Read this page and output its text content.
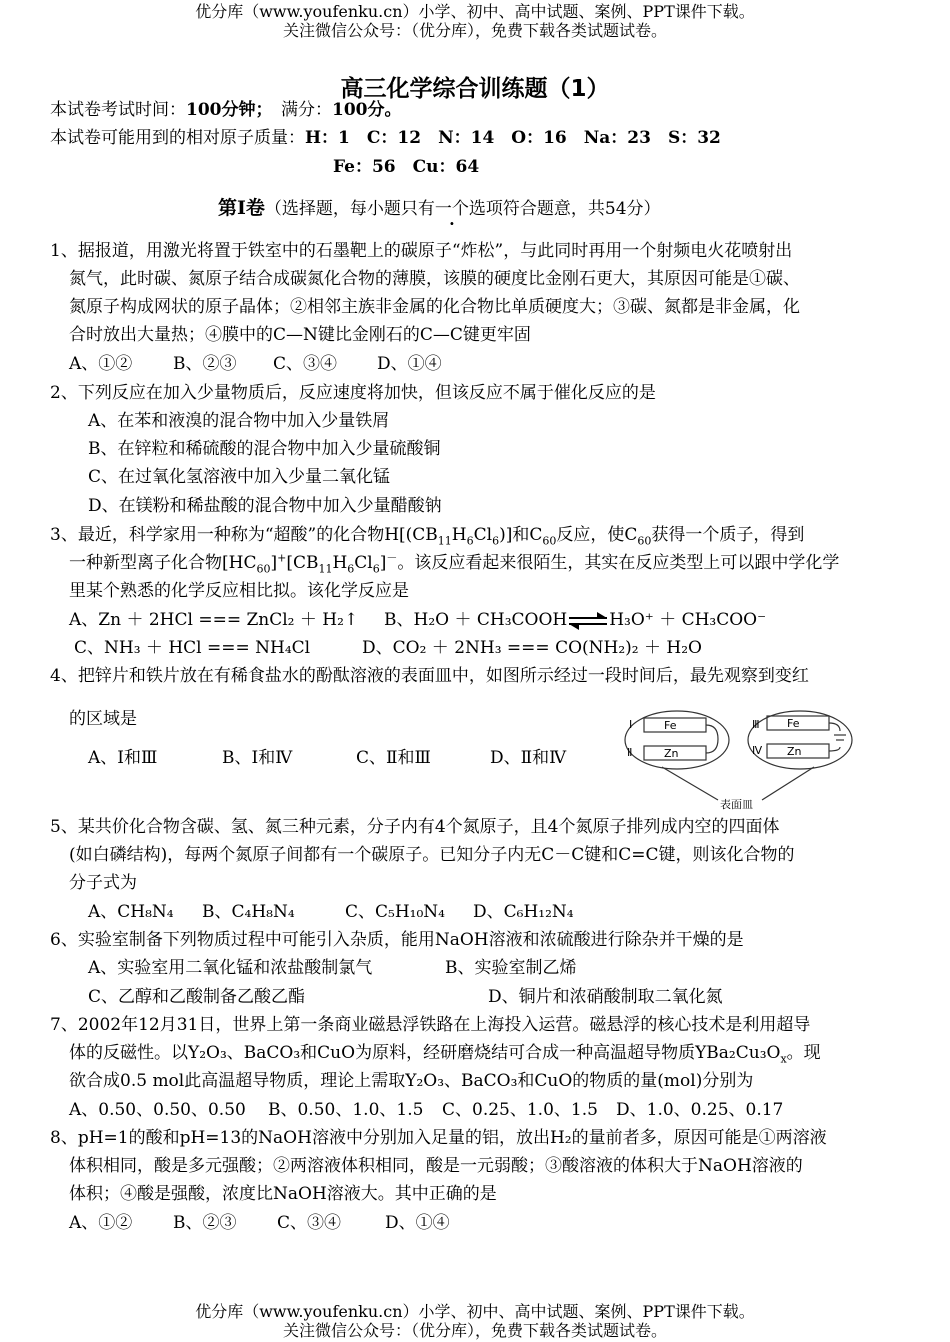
优分库（www.youfenku.cn）小学、初中、高中试题、案例、PPT课件下载。
关注微信公众号：（优分库），免费下载各类试题试卷。
高三化学综合训练题（1）
本试卷考试时间：100分钟；　 满分：100分。
本试卷可能用到的相对原子质量：H：1　C：12　N：14　O：16　Na：23　S：32
Fe：56　Cu：64
第Ⅰ卷（选择题，每小题只有一个选项符合题意，共54分）
1、据报道，用激光将置于铁室中的石墨靶上的碳原子“炸松”，与此同时再用一个射频电火花喷射出
氮气，此时碳、氮原子结合成碳氮化合物的薄膜，该膜的硬度比金刚石更大，其原因可能是①碳、
氮原子构成网状的原子晶体；②相邻主族非金属的化合物比单质硬度大；③碳、氮都是非金属，化
合时放出大量热；④膜中的C—N键比金刚石的C—C键更牢固
A、①② B、②③ C、③④ D、①④
2、下列反应在加入少量物质后，反应速度将加快，但该反应不属于催化反应的是
A、在苯和液溴的混合物中加入少量铁屑
B、在锌粒和稀硫酸的混合物中加入少量硫酸铜
C、在过氧化氢溶液中加入少量二氧化锰
D、在镁粉和稀盐酸的混合物中加入少量醋酸钠
3、最近，科学家用一种称为“超酸”的化合物$H[(CB_{11}H_6Cl_6)]$和$C_{60}$反应，使$C_{60}$获得一个质子，得到
一种新型离子化合物$[HC_{60}]^+[CB_{11}H_6Cl_6]^-$。该反应看起来很陌生，其实在反应类型上可以跟中学化学
里某个熟悉的化学反应相比拟。该化学反应是
A、Zn ＋ 2HCl === ZnCl₂ ＋ H₂↑ B、H₂O ＋ CH₃COOH⇌H₃O⁺ ＋ CH₃COO⁻
C、NH₃ ＋ HCl === NH₄Cl	D、CO₂ ＋ 2NH₃ === CO(NH₂)₂ ＋ H₂O
4、把锌片和铁片放在有稀食盐水的酚酞溶液的表面皿中，如图所示经过一段时间后，最先观察到变红
的区域是
A、Ⅰ和Ⅲ	B、Ⅰ和Ⅳ	C、Ⅱ和Ⅲ	D、Ⅱ和Ⅳ
Ⅰ
Ⅱ
Ⅲ
Ⅳ
Fe
Zn
Fe
Zn
表面皿
5、某共价化合物含碳、氢、氮三种元素，分子内有4个氮原子，且4个氮原子排列成内空的四面体
(如白磷结构)，每两个氮原子间都有一个碳原子。已知分子内无C－C键和C=C键，则该化合物的
分子式为
A、CH₈N₄ B、C₄H₈N₄	C、C₅H₁₀N₄ D、C₆H₁₂N₄
6、实验室制备下列物质过程中可能引入杂质，能用NaOH溶液和浓硫酸进行除杂并干燥的是
A、实验室用二氧化锰和浓盐酸制氯气	B、实验室制乙烯
C、乙醇和乙酸制备乙酸乙酯	D、铜片和浓硝酸制取二氧化氮
7、2002年12月31日，世界上第一条商业磁悬浮铁路在上海投入运营。磁悬浮的核心技术是利用超导
体的反磁性。以Y₂O₃、BaCO₃和CuO为原料，经研磨烧结可合成一种高温超导物质$YBa_2Cu_3O_x$。现
欲合成0.5 mol此高温超导物质，理论上需取Y₂O₃、BaCO₃和CuO的物质的量(mol)分别为
A、0.50、0.50、0.50 B、0.50、1.0、1.5 C、0.25、1.0、1.5 D、1.0、0.25、0.17
8、pH=1的酸和pH=13的NaOH溶液中分别加入足量的铝，放出H₂的量前者多，原因可能是①两溶液
体积相同，酸是多元强酸；②两溶液体积相同，酸是一元弱酸；③酸溶液的体积大于NaOH溶液的
体积；④酸是强酸，浓度比NaOH溶液大。其中正确的是
A、①② B、②③ C、③④	D、①④
优分库（www.youfenku.cn）小学、初中、高中试题、案例、PPT课件下载。
关注微信公众号：（优分库），免费下载各类试题试卷。
